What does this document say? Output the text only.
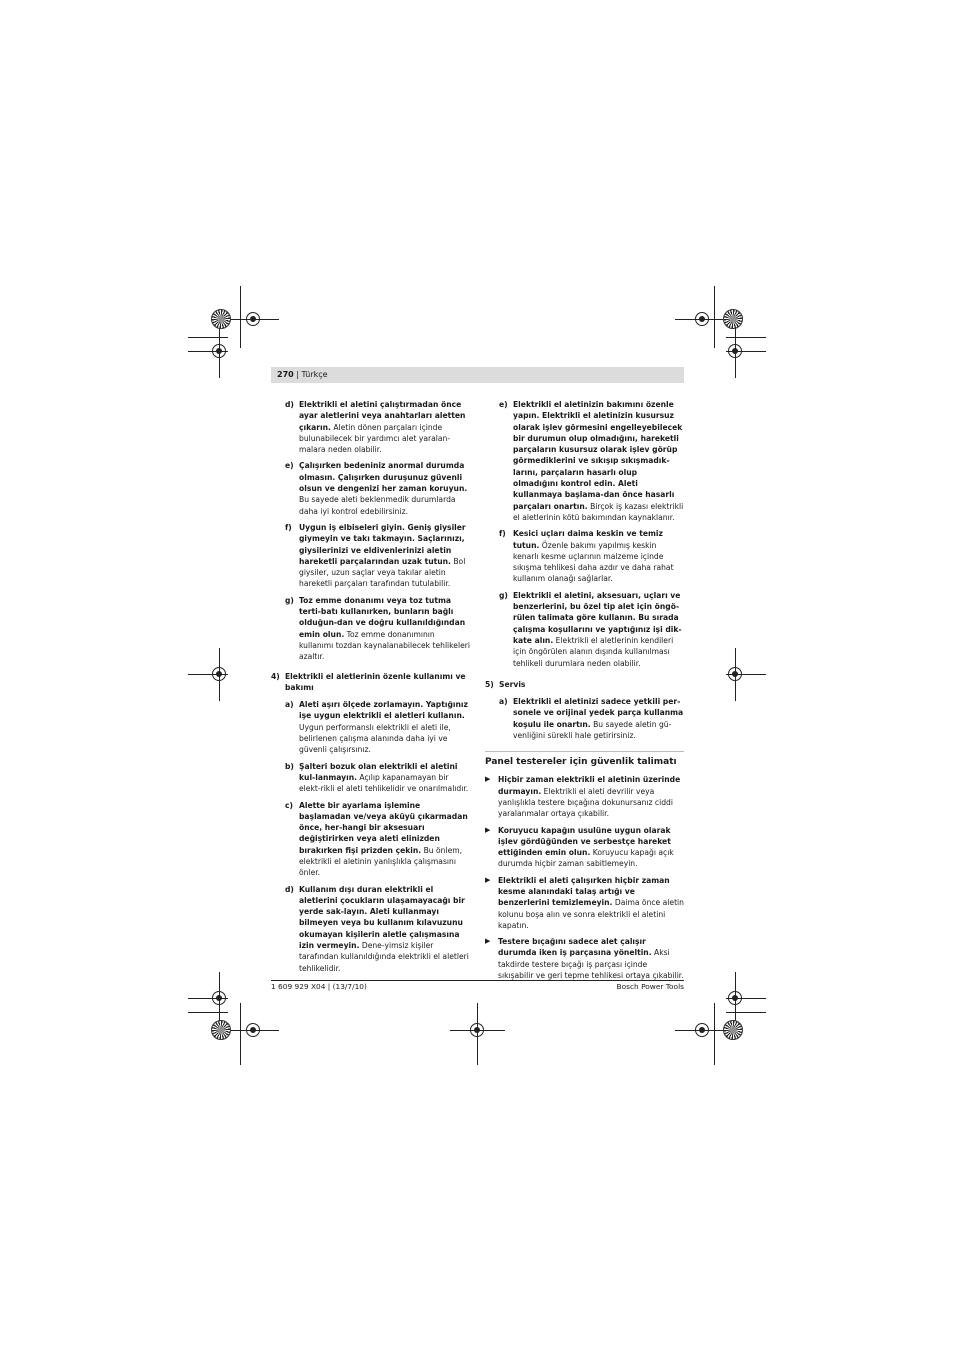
270 | Türkçe
d) Elektrikli el aletini çalıştırmadan önce ayar aletlerini veya anahtarları aletten çıkarın. Aletin dönen parçaları içinde bulunabilecek bir yardımcı alet yaralan-malara neden olabilir.
e) Çalışırken bedeniniz anormal durumda olmasın. Çalışırken duruşunuz güvenli olsun ve dengenizi her zaman koruyun. Bu sayede aleti beklenmedik durumlarda daha iyi kontrol edebilirsiniz.
f) Uygun iş elbiseleri giyin. Geniş giysiler giymeyin ve takı takmayın. Saçlarınızı, giysilerinizi ve eldivenlerinizi aletin hareketli parçalarından uzak tutun. Bol giysiler, uzun saçlar veya takılar aletin hareketli parçaları tarafından tutulabilir.
g) Toz emme donanımı veya toz tutma terti-batı kullanırken, bunların bağlı olduğun-dan ve doğru kullanıldığından emin olun. Toz emme donanımının kullanımı tozdan kaynalanabilecek tehlikeleri azaltır.
4) Elektrikli el aletlerinin özenle kullanımı ve bakımı
a) Aleti aşırı ölçede zorlamayın. Yaptığınız işe uygun elektrikli el aletleri kullanın. Uygun performanslı elektrikli el aleti ile, belirlenen çalışma alanında daha iyi ve güvenli çalışırsınız.
b) Şalteri bozuk olan elektrikli el aletini kul-lanmayın. Açılıp kapanamayan bir elekt-rikli el aleti tehlikelidir ve onarılmalıdır.
c) Alette bir ayarlama işlemine başlamadan ve/veya aküyü çıkarmadan önce, her-hangi bir aksesuarı değiştirirken veya aleti elinizden bırakırken fişi prizden çekin. Bu önlem, elektrikli el aletinin yanlışlıkla çalışmasını önler.
d) Kullanım dışı duran elektrikli el aletlerini çocukların ulaşamayacağı bir yerde sak-layın. Aleti kullanmayı bilmeyen veya bu kullanım kılavuzunu okumayan kişilerin aletle çalışmasına izin vermeyin. Dene-yimsiz kişiler tarafından kullanıldığında elektrikli el aletleri tehlikelidir.
e) Elektrikli el aletinizin bakımını özenle yapın. Elektrikli el aletinizin kusursuz olarak işlev görmesini engelleyebilecek bir durumun olup olmadığını, hareketli parçaların kusursuz olarak işlev görüp görmediklerini ve sıkışıp sıkışmadık-larını, parçaların hasarlı olup olmadığını kontrol edin. Aleti kullanmaya başlama-dan önce hasarlı parçaları onartın. Birçok iş kazası elektrikli el aletlerinin kötü bakımından kaynaklanır.
f) Kesici uçları daima keskin ve temiz tutun. Özenle bakımı yapılmış keskin kenarlı kesme uçlarının malzeme içinde sıkışma tehlikesi daha azdır ve daha rahat kullanım olanağı sağlarlar.
g) Elektrikli el aletini, aksesuarı, uçları ve benzerlerini, bu özel tip alet için öngö-rülen talimata göre kullanın. Bu sırada çalışma koşullarını ve yaptığınız işi dik-kate alın. Elektrikli el aletlerinin kendileri için öngörülen alanın dışında kullanılması tehlikeli durumlara neden olabilir.
5) Servis
a) Elektrikli el aletinizi sadece yetkili per-sonele ve orijinal yedek parça kullanma koşulu ile onartın. Bu sayede aletin gü-venliğini sürekli hale getirirsiniz.
Panel testereler için güvenlik talimatı
▶ Hiçbir zaman elektrikli el aletinin üzerinde durmayın. Elektrikli el aleti devrilir veya yanlışlıkla testere bıçağına dokunursanız ciddi yaralanmalar ortaya çıkabilir.
▶ Koruyucu kapağın usulüne uygun olarak işlev gördüğünden ve serbestçe hareket ettiğinden emin olun. Koruyucu kapağı açık durumda hiçbir zaman sabitlemeyin.
▶ Elektrikli el aleti çalışırken hiçbir zaman kesme alanındaki talaş artığı ve benzerlerini temizlemeyin. Daima önce aletin kolunu boşa alın ve sonra elektrikli el aletini kapatın.
▶ Testere bıçağını sadece alet çalışır durumda iken iş parçasına yöneltin. Aksi takdirde testere bıçağı iş parçası içinde sıkışabilir ve geri tepme tehlikesi ortaya çıkabilir.
1 609 929 X04 | (13/7/10)	Bosch Power Tools
